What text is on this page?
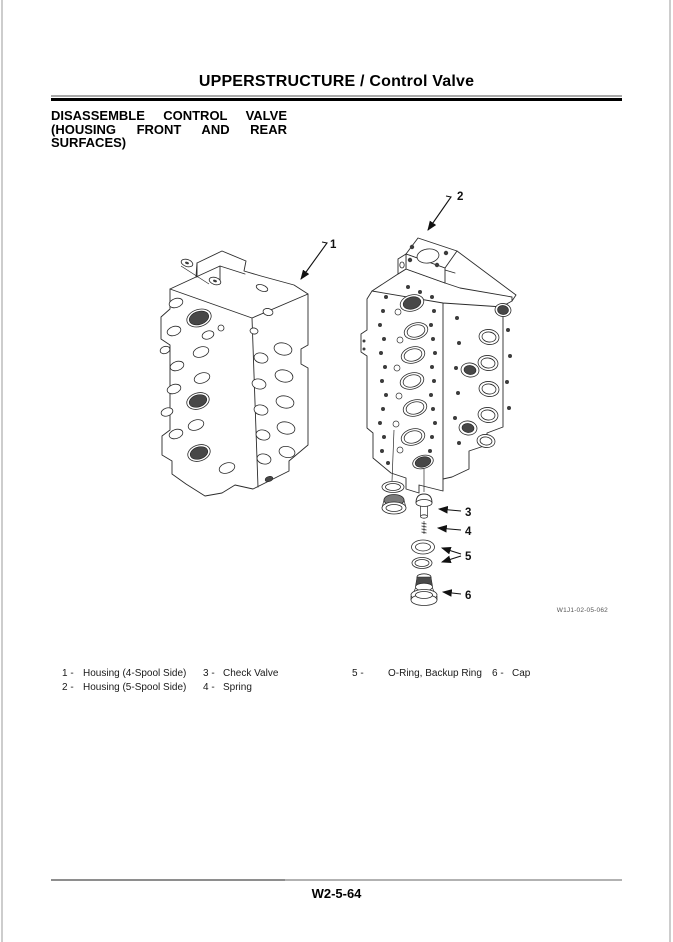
UPPERSTRUCTURE / Control Valve
DISASSEMBLE CONTROL VALVE
(HOUSING FRONT AND REAR
SURFACES)
1
2
3
4
5
6
W1J1-02-05-062
1 - Housing (4-Spool Side)
2 - Housing (5-Spool Side)
3 - Check Valve
4 - Spring
5 - O-Ring, Backup Ring 6 - Cap
W2-5-64
